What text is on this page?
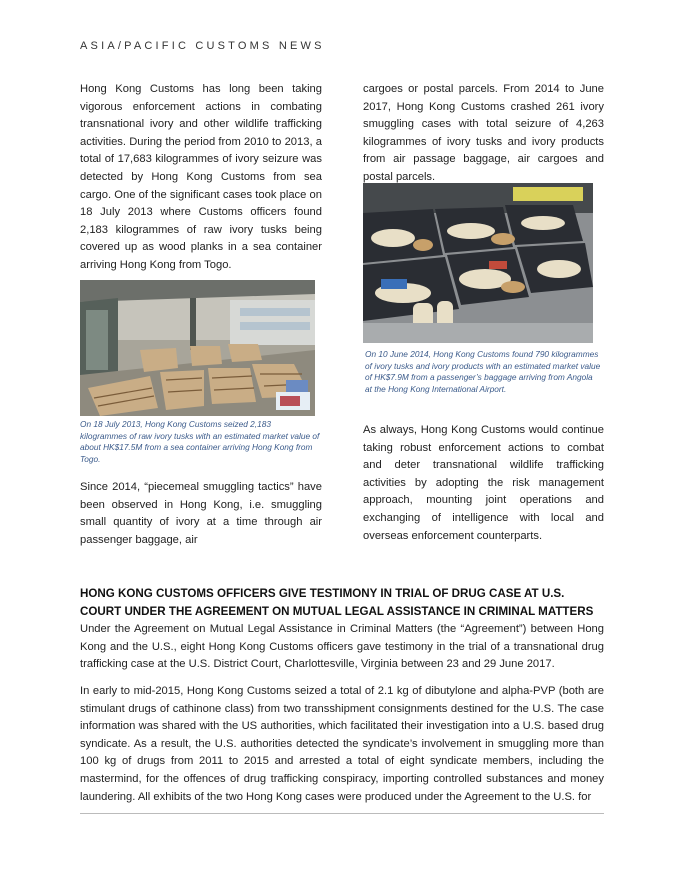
ASIA/PACIFIC CUSTOMS NEWS

Hong Kong Customs has long been taking vigorous enforcement actions in combating transnational ivory and other wildlife trafficking activities. During the period from 2010 to 2013, a total of 17,683 kilogrammes of ivory seizure was detected by Hong Kong Customs from sea cargo. One of the significant cases took place on 18 July 2013 where Customs officers found 2,183 kilogrammes of raw ivory tusks being covered up as wood planks in a sea container arriving Hong Kong from Togo.

On 18 July 2013, Hong Kong Customs seized 2,183 kilogrammes of raw ivory tusks with an estimated market value of about HK$17.5M from a sea container arriving Hong Kong from Togo.

Since 2014, “piecemeal smuggling tactics” have been observed in Hong Kong, i.e. smuggling small quantity of ivory at a time through air passenger baggage, air

cargoes or postal parcels. From 2014 to June 2017, Hong Kong Customs crashed 261 ivory smuggling cases with total seizure of 4,263 kilogrammes of ivory tusks and ivory products from air passage baggage, air cargoes and postal parcels.

On 10 June 2014, Hong Kong Customs found 790 kilogrammes of ivory tusks and ivory products with an estimated market value of HK$7.9M from a passenger’s baggage arriving from Angola at the Hong Kong International Airport.

As always, Hong Kong Customs would continue taking robust enforcement actions to combat and deter transnational wildlife trafficking activities by adopting the risk management approach, mounting joint operations and exchanging of intelligence with local and overseas enforcement counterparts.

HONG KONG CUSTOMS OFFICERS GIVE TESTIMONY IN TRIAL OF DRUG CASE AT U.S. COURT UNDER THE AGREEMENT ON MUTUAL LEGAL ASSISTANCE IN CRIMINAL MATTERS
Under the Agreement on Mutual Legal Assistance in Criminal Matters (the “Agreement”) between Hong Kong and the U.S., eight Hong Kong Customs officers gave testimony in the trial of a transnational drug trafficking case at the U.S. District Court, Charlottesville, Virginia between 23 and 29 June 2017.
In early to mid-2015, Hong Kong Customs seized a total of 2.1 kg of dibutylone and alpha-PVP (both are stimulant drugs of cathinone class) from two transshipment consignments destined for the U.S. The case information was shared with the US authorities, which facilitated their investigation into a U.S. based drug syndicate. As a result, the U.S. authorities detected the syndicate’s involvement in smuggling more than 100 kg of drugs from 2011 to 2015 and arrested a total of eight syndicate members, including the mastermind, for the offences of drug trafficking conspiracy, importing controlled substances and money laundering. All exhibits of the two Hong Kong cases were produced under the Agreement to the U.S. for
